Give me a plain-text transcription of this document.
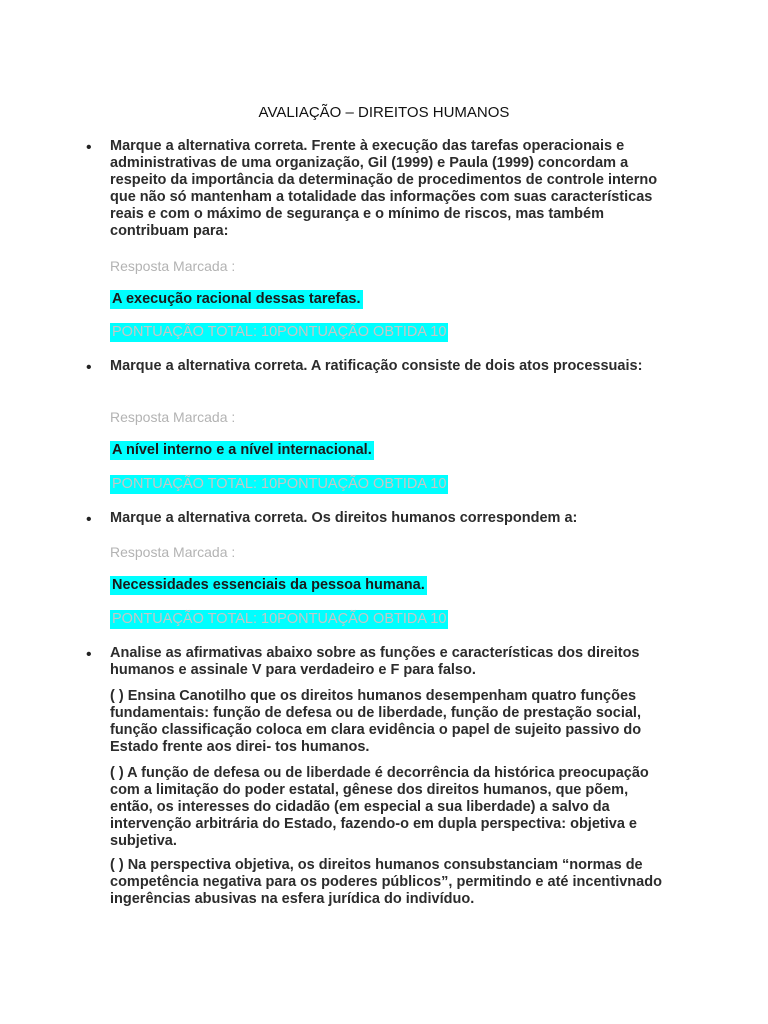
AVALIAÇÃO – DIREITOS HUMANOS
• Marque a alternativa correta. Frente à execução das tarefas operacionais e administrativas de uma organização, Gil (1999) e Paula (1999) concordam a respeito da importância da determinação de procedimentos de controle interno que não só mantenham a totalidade das informações com suas características reais e com o máximo de segurança e o mínimo de riscos, mas também contribuam para:

Resposta Marcada :
A execução racional dessas tarefas.
PONTUAÇÃO TOTAL: 10PONTUAÇÃO OBTIDA 10
• Marque a alternativa correta. A ratificação consiste de dois atos processuais:

Resposta Marcada :
A nível interno e a nível internacional.
PONTUAÇÃO TOTAL: 10PONTUAÇÃO OBTIDA 10
• Marque a alternativa correta. Os direitos humanos correspondem a:

Resposta Marcada :
Necessidades essenciais da pessoa humana.
PONTUAÇÃO TOTAL: 10PONTUAÇÃO OBTIDA 10
• Analise as afirmativas abaixo sobre as funções e características dos direitos humanos e assinale V para verdadeiro e F para falso.

( ) Ensina Canotilho que os direitos humanos desempenham quatro funções fundamentais: função de defesa ou de liberdade, função de prestação social, função classificação coloca em clara evidência o papel de sujeito passivo do Estado frente aos direi- tos humanos.

( ) A função de defesa ou de liberdade é decorrência da histórica preocupação com a limitação do poder estatal, gênese dos direitos humanos, que põem, então, os interesses do cidadão (em especial a sua liberdade) a salvo da intervenção arbitrária do Estado, fazendo-o em dupla perspectiva: objetiva e subjetiva.

( ) Na perspectiva objetiva, os direitos humanos consubstanciam “normas de competência negativa para os poderes públicos”, permitindo e até incentivnado ingerências abusivas na esfera jurídica do indivíduo.
